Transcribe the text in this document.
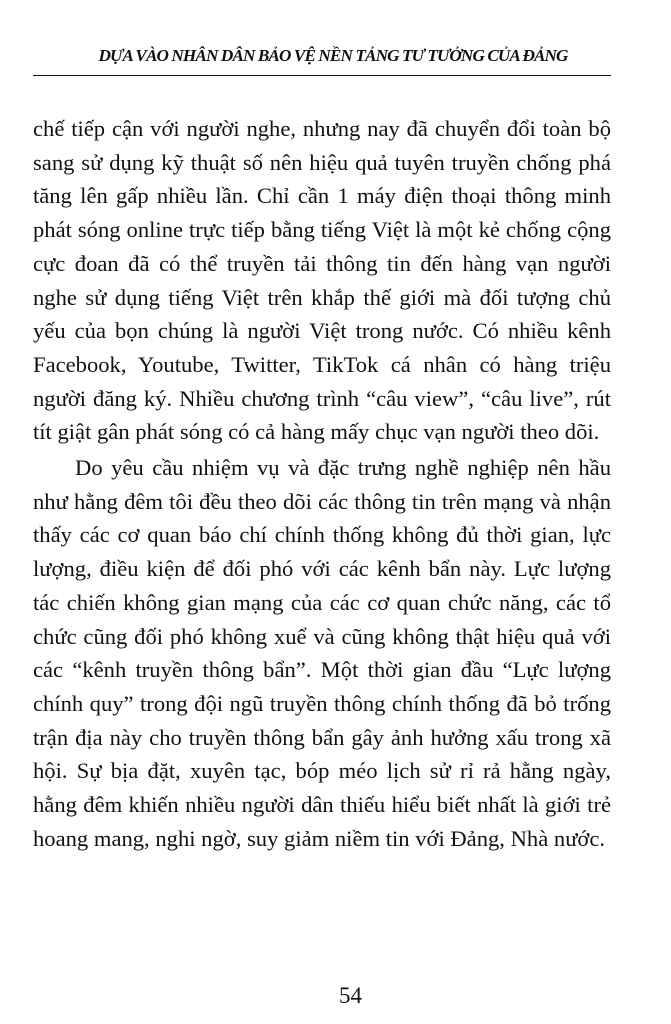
DỰA VÀO NHÂN DÂN BẢO VỆ NỀN TẢNG TƯ TƯỞNG CỦA ĐẢNG

chế tiếp cận với người nghe, nhưng nay đã chuyển đổi toàn bộ sang sử dụng kỹ thuật số nên hiệu quả tuyên truyền chống phá tăng lên gấp nhiều lần. Chỉ cần 1 máy điện thoại thông minh phát sóng online trực tiếp bằng tiếng Việt là một kẻ chống cộng cực đoan đã có thể truyền tải thông tin đến hàng vạn người nghe sử dụng tiếng Việt trên khắp thế giới mà đối tượng chủ yếu của bọn chúng là người Việt trong nước. Có nhiều kênh Facebook, Youtube, Twitter, TikTok cá nhân có hàng triệu người đăng ký. Nhiều chương trình “câu view”, “câu live”, rút tít giật gân phát sóng có cả hàng mấy chục vạn người theo dõi.

Do yêu cầu nhiệm vụ và đặc trưng nghề nghiệp nên hầu như hằng đêm tôi đều theo dõi các thông tin trên mạng và nhận thấy các cơ quan báo chí chính thống không đủ thời gian, lực lượng, điều kiện để đối phó với các kênh bẩn này. Lực lượng tác chiến không gian mạng của các cơ quan chức năng, các tổ chức cũng đối phó không xuể và cũng không thật hiệu quả với các “kênh truyền thông bẩn”. Một thời gian đầu “Lực lượng chính quy” trong đội ngũ truyền thông chính thống đã bỏ trống trận địa này cho truyền thông bẩn gây ảnh hưởng xấu trong xã hội. Sự bịa đặt, xuyên tạc, bóp méo lịch sử rỉ rả hằng ngày, hằng đêm khiến nhiều người dân thiếu hiểu biết nhất là giới trẻ hoang mang, nghi ngờ, suy giảm niềm tin với Đảng, Nhà nước.

54
